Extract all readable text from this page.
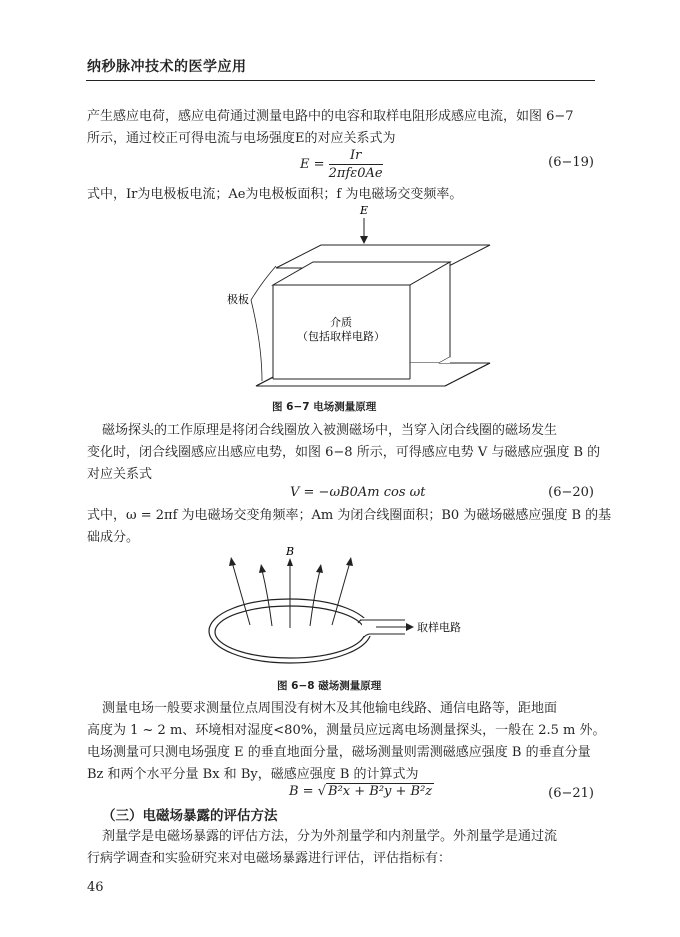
纳秒脉冲技术的医学应用
产生感应电荷，感应电荷通过测量电路中的电容和取样电阻形成感应电流，如图 6−7
所示，通过校正可得电流与电场强度E的对应关系式为
$E = \frac{Ir}{\text{2πfε0Ae}}$	(6−19)
式中，Ir为电极板电流；Ae为电极板面积；f 为电磁场交变频率。
E
极板
介质
（包括取样电路）
图 6−7 电场测量原理
磁场探头的工作原理是将闭合线圈放入被测磁场中，当穿入闭合线圈的磁场发生
变化时，闭合线圈感应出感应电势，如图 6−8 所示，可得感应电势 V 与磁感应强度 B 的
对应关系式
V = −ωB0Am cos ωt	(6−20)
式中，ω = 2πf 为电磁场交变角频率；Am 为闭合线圈面积；B0 为磁场磁感应强度 B 的基
础成分。
B
取样电路
图 6−8 磁场测量原理
测量电场一般要求测量位点周围没有树木及其他输电线路、通信电路等，距地面
高度为 1 ~ 2 m、环境相对湿度<80%，测量员应远离电场测量探头，一般在 2.5 m 外。
电场测量可只测电场强度 E 的垂直地面分量，磁场测量则需测磁感应强度 B 的垂直分量
Bz 和两个水平分量 Bx 和 By，磁感应强度 B 的计算式为
B = √ B²x + B²y + B²z	(6−21)
（三）电磁场暴露的评估方法
剂量学是电磁场暴露的评估方法，分为外剂量学和内剂量学。外剂量学是通过流
行病学调查和实验研究来对电磁场暴露进行评估，评估指标有：
46
